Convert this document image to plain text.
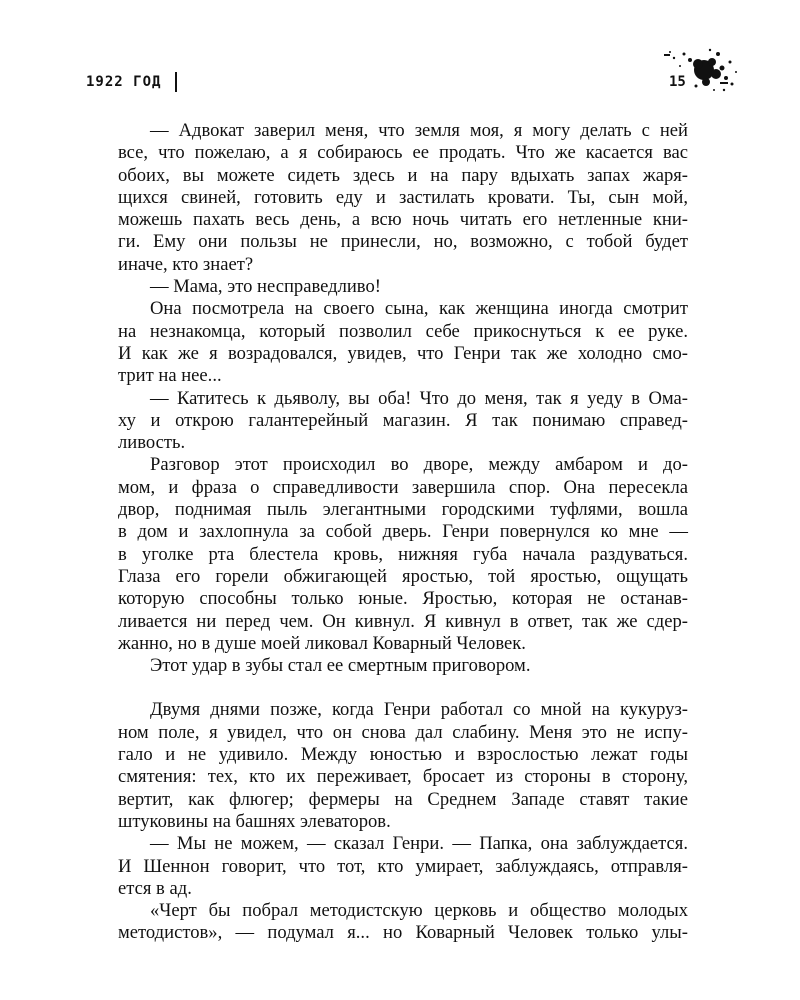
1922 ГОД	15

— Адвокат заверил меня, что земля моя, я могу делать с ней
все, что пожелаю, а я собираюсь ее продать. Что же касается вас
обоих, вы можете сидеть здесь и на пару вдыхать запах жаря-
щихся свиней, готовить еду и застилать кровати. Ты, сын мой,
можешь пахать весь день, а всю ночь читать его нетленные кни-
ги. Ему они пользы не принесли, но, возможно, с тобой будет
иначе, кто знает?

— Мама, это несправедливо!

Она посмотрела на своего сына, как женщина иногда смотрит
на незнакомца, который позволил себе прикоснуться к ее руке.
И как же я возрадовался, увидев, что Генри так же холодно смо-
трит на нее...

— Катитесь к дьяволу, вы оба! Что до меня, так я уеду в Ома-
ху и открою галантерейный магазин. Я так понимаю справед-
ливость.

Разговор этот происходил во дворе, между амбаром и до-
мом, и фраза о справедливости завершила спор. Она пересекла
двор, поднимая пыль элегантными городскими туфлями, вошла
в дом и захлопнула за собой дверь. Генри повернулся ко мне —
в уголке рта блестела кровь, нижняя губа начала раздуваться.
Глаза его горели обжигающей яростью, той яростью, ощущать
которую способны только юные. Яростью, которая не останав-
ливается ни перед чем. Он кивнул. Я кивнул в ответ, так же сдер-
жанно, но в душе моей ликовал Коварный Человек.

Этот удар в зубы стал ее смертным приговором.

Двумя днями позже, когда Генри работал со мной на кукуруз-
ном поле, я увидел, что он снова дал слабину. Меня это не испу-
гало и не удивило. Между юностью и взрослостью лежат годы
смятения: тех, кто их переживает, бросает из стороны в сторону,
вертит, как флюгер; фермеры на Среднем Западе ставят такие
штуковины на башнях элеваторов.

— Мы не можем, — сказал Генри. — Папка, она заблуждается.
И Шеннон говорит, что тот, кто умирает, заблуждаясь, отправля-
ется в ад.

«Черт бы побрал методистскую церковь и общество молодых
методистов», — подумал я... но Коварный Человек только улы-
